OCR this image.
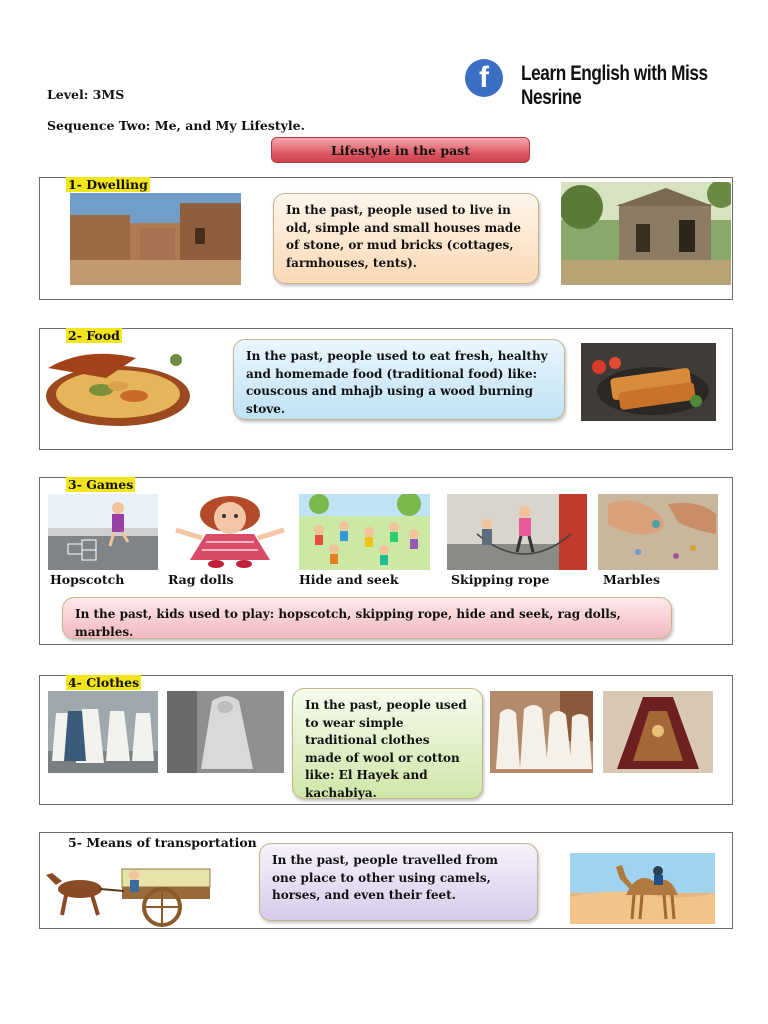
Level: 3MS
f	Learn English with Miss Nesrine
Sequence Two: Me, and My Lifestyle.
Lifestyle in the past
1- Dwelling
In the past, people used to live in old, simple and small houses made of stone, or mud bricks (cottages, farmhouses, tents).
2- Food
In the past, people used to eat fresh, healthy and homemade food (traditional food) like: couscous and mhajb using a wood burning stove.
3- Games
Hopscotch	Rag dolls	Hide and seek	Skipping rope	Marbles
In the past, kids used to play: hopscotch, skipping rope, hide and seek, rag dolls, marbles.
4- Clothes
In the past, people used to wear simple traditional clothes made of wool or cotton like: El Hayek and kachabiya.
5- Means of transportation
In the past, people travelled from one place to other using camels, horses, and even their feet.
